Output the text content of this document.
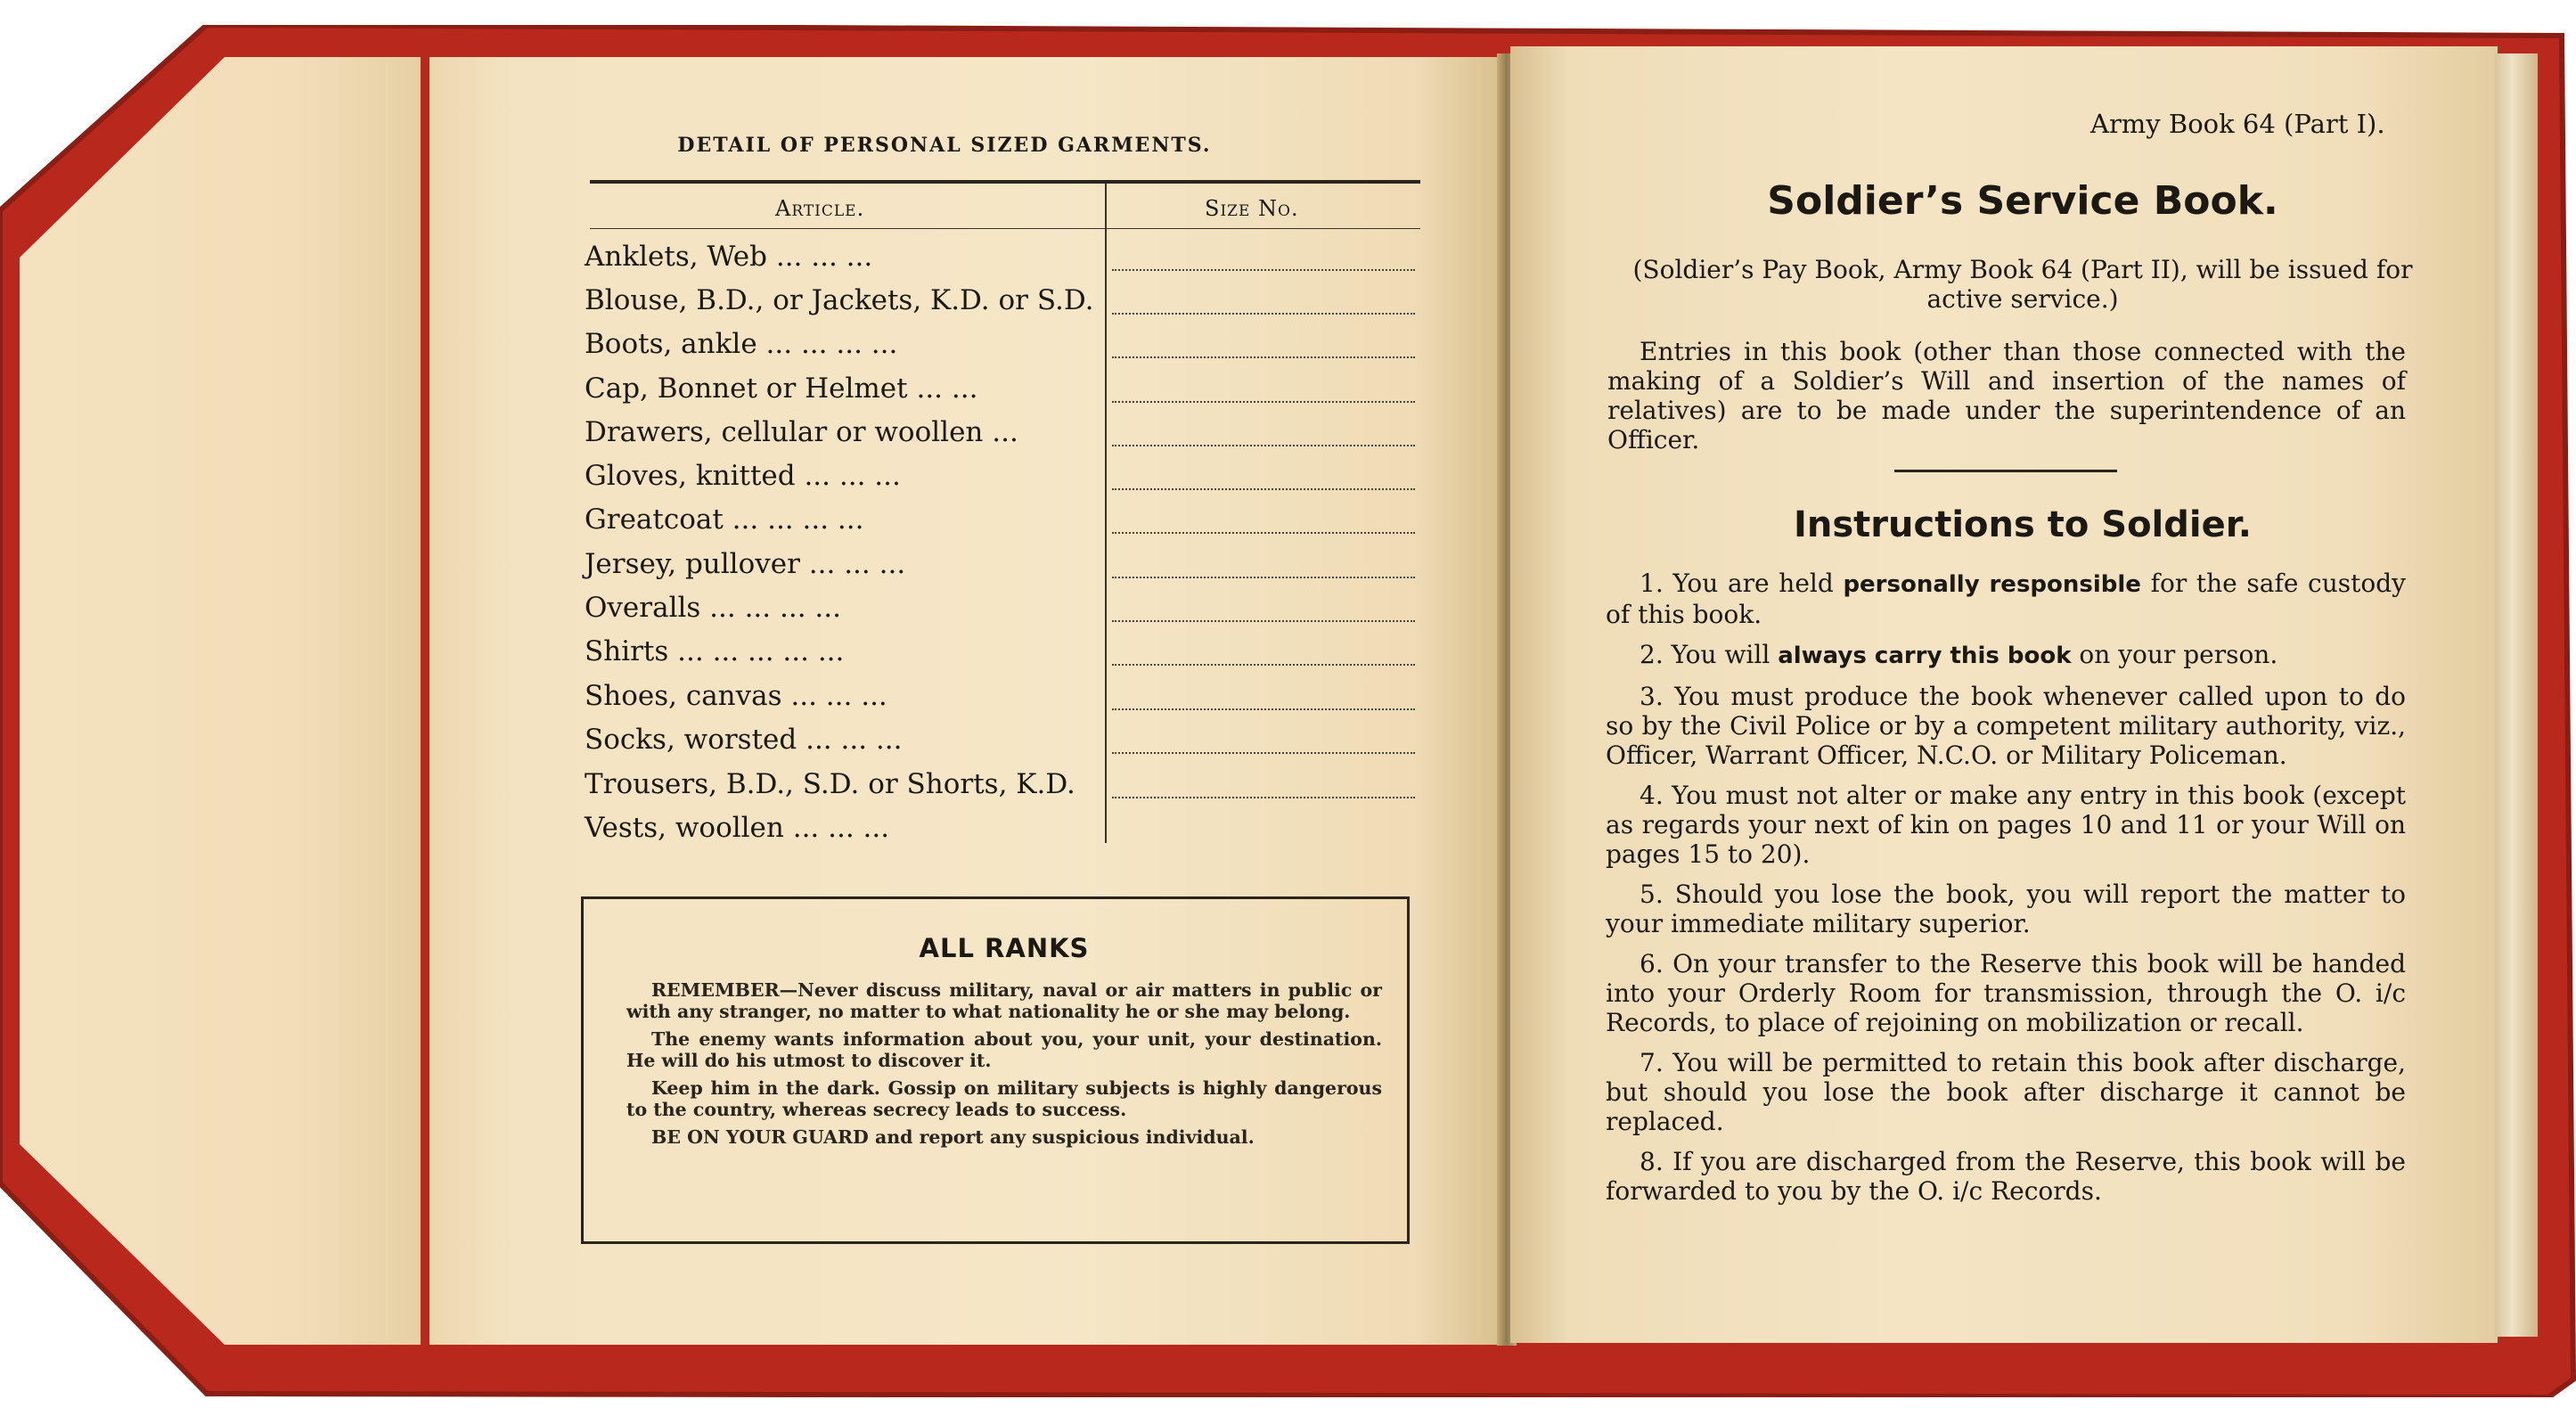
DETAIL OF PERSONAL SIZED GARMENTS.
Article.	Size No.
Anklets, Web ... ... ...
Blouse, B.D., or Jackets, K.D. or S.D.
Boots, ankle ... ... ... ...
Cap, Bonnet or Helmet ... ...
Drawers, cellular or woollen ...
Gloves, knitted ... ... ...
Greatcoat ... ... ... ...
Jersey, pullover ... ... ...
Overalls ... ... ... ...
Shirts ... ... ... ... ...
Shoes, canvas ... ... ...
Socks, worsted ... ... ...
Trousers, B.D., S.D. or Shorts, K.D.
Vests, woollen ... ... ...
ALL RANKS

REMEMBER—Never discuss military, naval or air matters in public or with any stranger, no matter to what nationality he or she may belong.

The enemy wants information about you, your unit, your destination. He will do his utmost to discover it.

Keep him in the dark. Gossip on military subjects is highly dangerous to the country, whereas secrecy leads to success.

BE ON YOUR GUARD and report any suspicious individual.

Army Book 64 (Part I).
Soldier’s Service Book.
(Soldier’s Pay Book, Army Book 64 (Part II), will be issued for active service.)
Entries in this book (other than those connected with the making of a Soldier’s Will and insertion of the names of relatives) are to be made under the superintendence of an Officer.
Instructions to Soldier.

1. You are held personally responsible for the safe custody of this book.

2. You will always carry this book on your person.

3. You must produce the book whenever called upon to do so by the Civil Police or by a competent military authority, viz., Officer, Warrant Officer, N.C.O. or Military Policeman.

4. You must not alter or make any entry in this book (except as regards your next of kin on pages 10 and 11 or your Will on pages 15 to 20).

5. Should you lose the book, you will report the matter to your immediate military superior.

6. On your transfer to the Reserve this book will be handed into your Orderly Room for transmission, through the O. i/c Records, to place of rejoining on mobilization or recall.

7. You will be permitted to retain this book after discharge, but should you lose the book after discharge it cannot be replaced.

8. If you are discharged from the Reserve, this book will be forwarded to you by the O. i/c Records.
